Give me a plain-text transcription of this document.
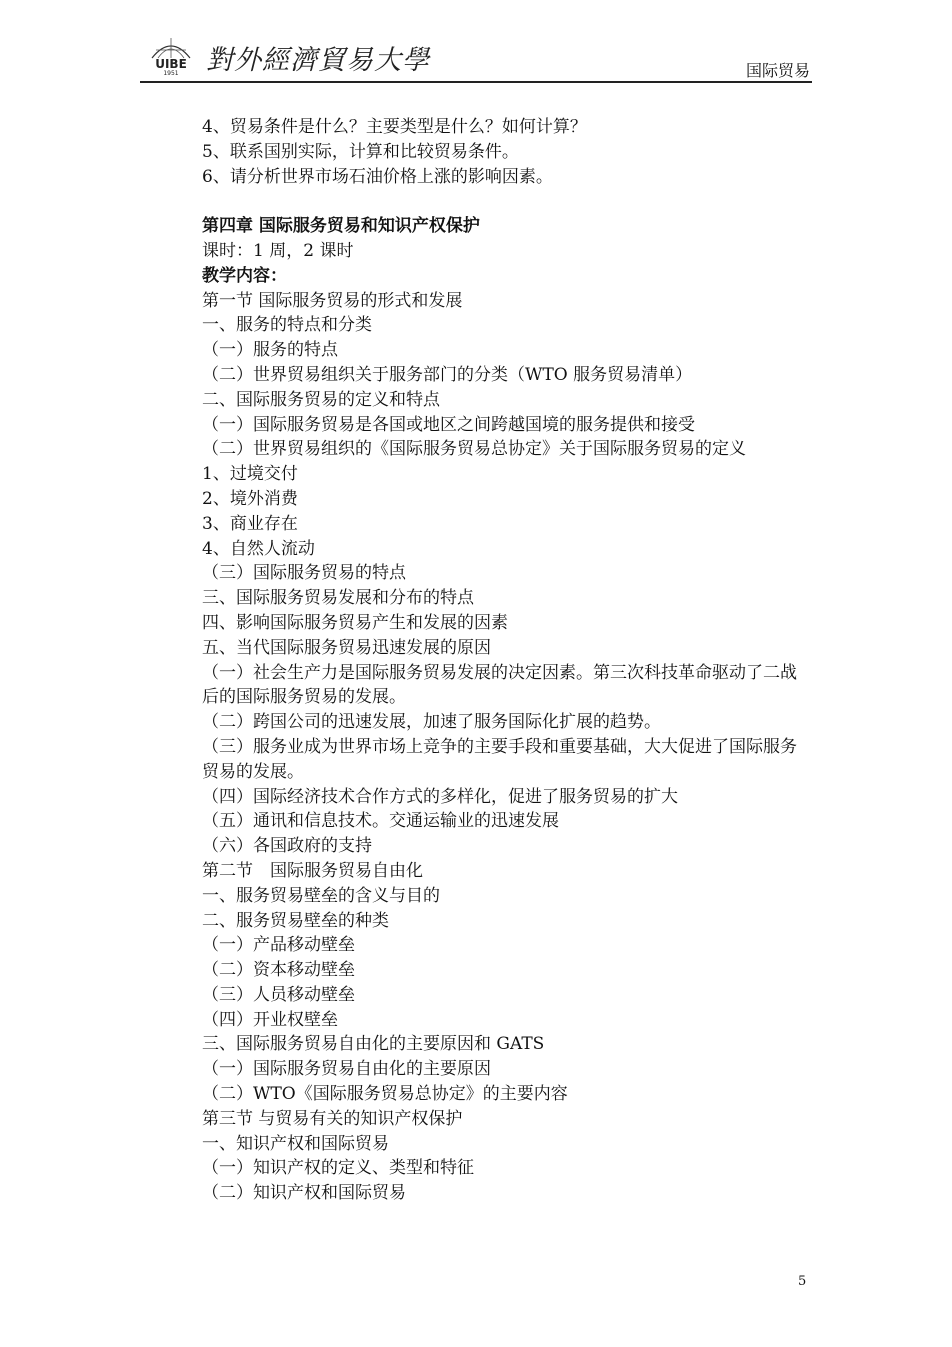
UIBE
1951 對外經濟貿易大學	国际贸易
4、贸易条件是什么？主要类型是什么？如何计算？
5、联系国别实际，计算和比较贸易条件。
6、请分析世界市场石油价格上涨的影响因素。
第四章 国际服务贸易和知识产权保护
课时：1 周，2 课时
教学内容：
第一节 国际服务贸易的形式和发展
一、服务的特点和分类
（一）服务的特点
（二）世界贸易组织关于服务部门的分类（WTO 服务贸易清单）
二、国际服务贸易的定义和特点
（一）国际服务贸易是各国或地区之间跨越国境的服务提供和接受
（二）世界贸易组织的《国际服务贸易总协定》关于国际服务贸易的定义
1、过境交付
2、境外消费
3、商业存在
4、自然人流动
（三）国际服务贸易的特点
三、国际服务贸易发展和分布的特点
四、影响国际服务贸易产生和发展的因素
五、当代国际服务贸易迅速发展的原因
（一）社会生产力是国际服务贸易发展的决定因素。第三次科技革命驱动了二战后的国际服务贸易的发展。
（二）跨国公司的迅速发展，加速了服务国际化扩展的趋势。
（三）服务业成为世界市场上竞争的主要手段和重要基础，大大促进了国际服务贸易的发展。
（四）国际经济技术合作方式的多样化，促进了服务贸易的扩大
（五）通讯和信息技术。交通运输业的迅速发展
（六）各国政府的支持
第二节　国际服务贸易自由化
一、服务贸易壁垒的含义与目的
二、服务贸易壁垒的种类
（一）产品移动壁垒
（二）资本移动壁垒
（三）人员移动壁垒
（四）开业权壁垒
三、国际服务贸易自由化的主要原因和 GATS
（一）国际服务贸易自由化的主要原因
（二）WTO《国际服务贸易总协定》的主要内容
第三节 与贸易有关的知识产权保护
一、知识产权和国际贸易
（一）知识产权的定义、类型和特征
（二）知识产权和国际贸易
5
